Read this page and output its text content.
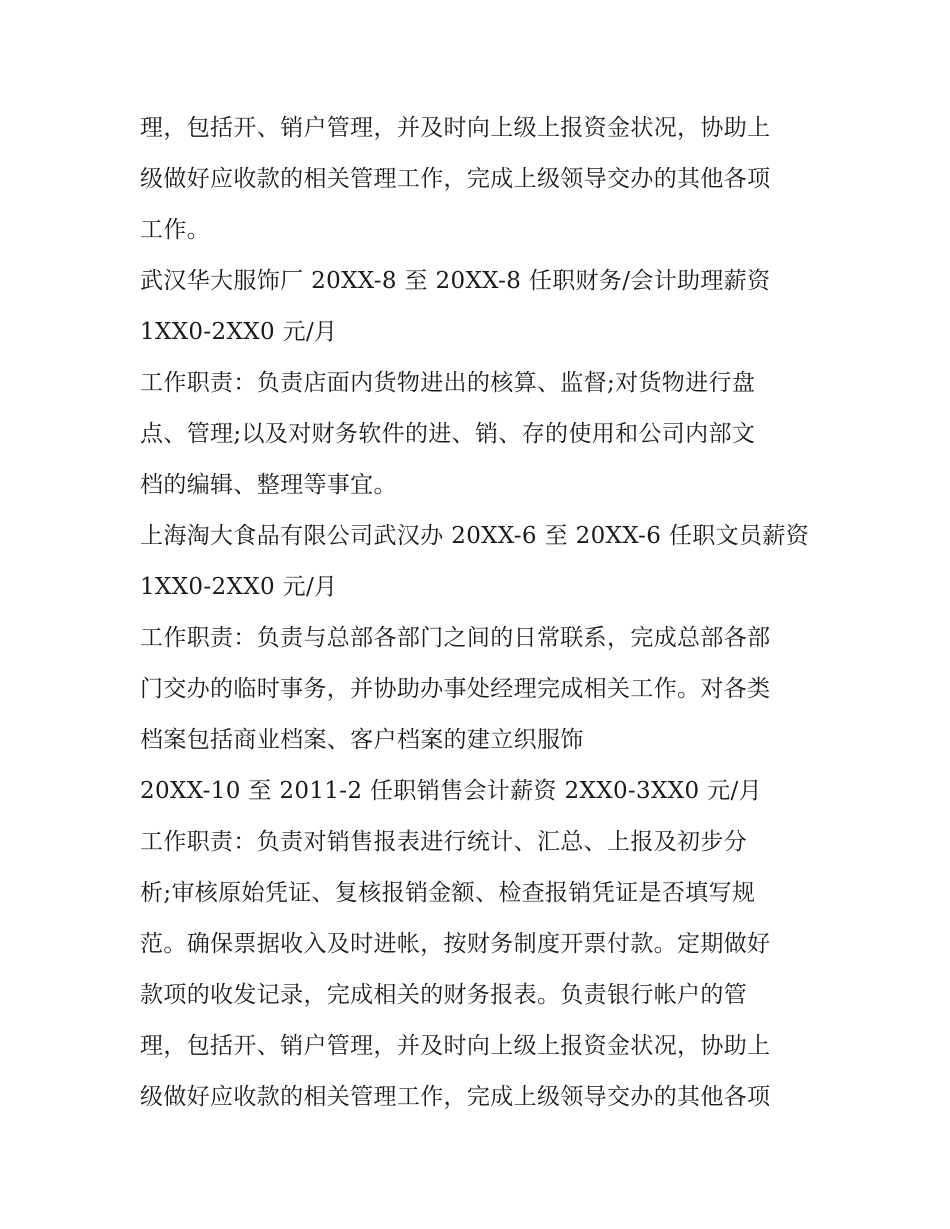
理，包括开、销户管理，并及时向上级上报资金状况，协助上
级做好应收款的相关管理工作，完成上级领导交办的其他各项
工作。
武汉华大服饰厂 20XX-8 至 20XX-8 任职财务/会计助理薪资
1XX0-2XX0 元/月
工作职责：负责店面内货物进出的核算、监督;对货物进行盘
点、管理;以及对财务软件的进、销、存的使用和公司内部文
档的编辑、整理等事宜。
上海淘大食品有限公司武汉办 20XX-6 至 20XX-6 任职文员薪资
1XX0-2XX0 元/月
工作职责：负责与总部各部门之间的日常联系，完成总部各部
门交办的临时事务，并协助办事处经理完成相关工作。对各类
档案包括商业档案、客户档案的建立织服饰
20XX-10 至 2011-2 任职销售会计薪资 2XX0-3XX0 元/月
工作职责：负责对销售报表进行统计、汇总、上报及初步分
析;审核原始凭证、复核报销金额、检查报销凭证是否填写规
范。确保票据收入及时进帐，按财务制度开票付款。定期做好
款项的收发记录，完成相关的财务报表。负责银行帐户的管
理，包括开、销户管理，并及时向上级上报资金状况，协助上
级做好应收款的相关管理工作，完成上级领导交办的其他各项
